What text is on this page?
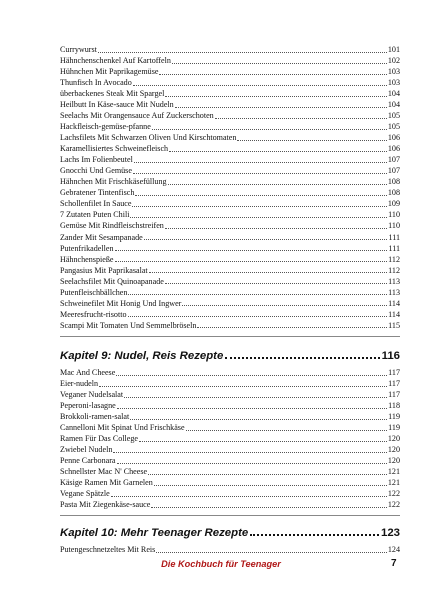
Currywurst	101
Hähnchenschenkel Auf Kartoffeln	102
Hühnchen Mit Paprikagemüse	103
Thunfisch In Avocado	103
überbackenes Steak Mit Spargel	104
Heilbutt In Käse-sauce Mit Nudeln	104
Seelachs Mit Orangensauce Auf Zuckerschoten	105
Hackfleisch-gemüse-pfanne	105
Lachsfilets Mit Schwarzen Oliven Und Kirschtomaten	106
Karamellisiertes Schweinefleisch	106
Lachs Im Folienbeutel	107
Gnocchi Und Gemüse	107
Hähnchen Mit Frischkäsefüllung	108
Gebratener Tintenfisch	108
Schollenfilet In Sauce	109
7 Zutaten Puten Chili	110
Gemüse Mit Rindfleischstreifen	110
Zander Mit Sesampanade	111
Putenfrikadellen	111
Hähnchenspieße	112
Pangasius Mit Paprikasalat	112
Seelachsfilet Mit Quinoapanade	113
Putenfleischbällchen	113
Schweinefilet Mit Honig Und Ingwer	114
Meeresfrucht-risotto	114
Scampi Mit Tomaten Und Semmelbröseln	115
Kapitel 9: Nudel, Reis Rezepte	116
Mac And Cheese	117
Eier-nudeln	117
Veganer Nudelsalat	117
Peperoni-lasagne	118
Brokkoli-ramen-salat	119
Cannelloni Mit Spinat Und Frischkäse	119
Ramen Für Das College	120
Zwiebel Nudeln	120
Penne Carbonara	120
Schnellster Mac N' Cheese	121
Käsige Ramen Mit Garnelen	121
Vegane Spätzle	122
Pasta Mit Ziegenkäse-sauce	122
Kapitel 10: Mehr Teenager Rezepte	123
Putengeschnetzeltes Mit Reis	124
Die Kochbuch für Teenager	7
